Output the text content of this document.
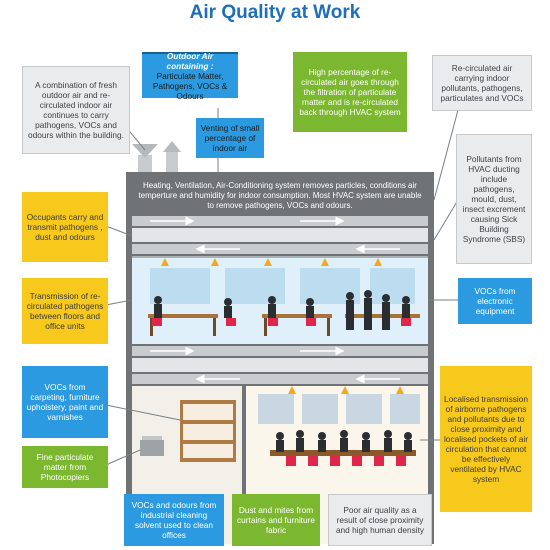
Air Quality at Work
A combination of fresh outdoor air and re-circulated indoor air continues to carry pathogens, VOCs and odours within the building.
Outdoor Air containing :
Particulate Matter, Pathogens, VOCs & Odours
Venting of small percentage of indoor air
High percentage of re-circulated air goes through the filtration of particulate matter and is re-circulated back through HVAC system
Re-circulated air carrying indoor pollutants, pathogens, particulates and VOCs
Pollutants from HVAC ducting include pathogens, mould, dust, insect excrement causing Sick Building Syndrome (SBS)
Heating, Ventilation, Air-Conditioning system removes particles, conditions air temperture and humidity for indoor consumption. Most HVAC system are unable to remove pathogens, VOCs and odours.
Occupants carry and transmit pathogens , dust and odours
Transmission of re-circulated pathogens between floors and office units
VOCs from electronic equipment
VOCs from carpeting, furniture upholstery, paint and varnishes
Localised transmission of airborne pathogens and pollutants due to close proximity and localised pockets of air circulation that cannot be effectively ventilated by HVAC system
Fine particulate matter from Photocopiers
VOCs and odours from industrial cleaning solvent used to clean offices
Dust and mites from curtains and furniture fabric
Poor air quality as a result of close proximity and high human density
